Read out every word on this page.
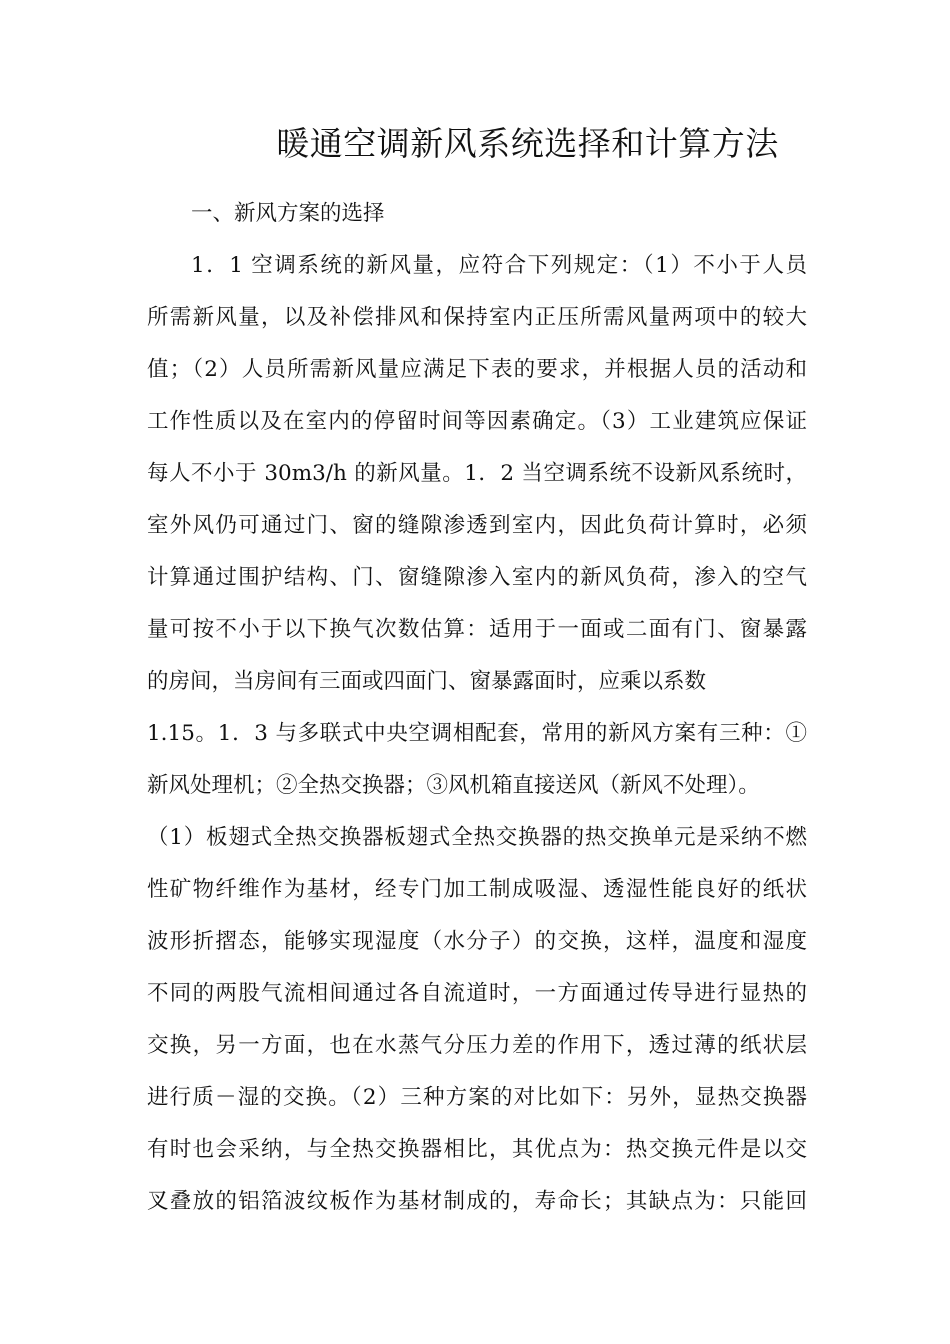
暖通空调新风系统选择和计算方法
一、新风方案的选择
1．1 空调系统的新风量，应符合下列规定：（1）不小于人员
所需新风量，以及补偿排风和保持室内正压所需风量两项中的较大
值；（2）人员所需新风量应满足下表的要求，并根据人员的活动和
工作性质以及在室内的停留时间等因素确定。（3）工业建筑应保证
每人不小于 30m3/h 的新风量。1．2 当空调系统不设新风系统时，
室外风仍可通过门、窗的缝隙渗透到室内，因此负荷计算时，必须
计算通过围护结构、门、窗缝隙渗入室内的新风负荷，渗入的空气
量可按不小于以下换气次数估算：适用于一面或二面有门、窗暴露
的房间，当房间有三面或四面门、窗暴露面时，应乘以系数
1.15。1．3 与多联式中央空调相配套，常用的新风方案有三种：①
新风处理机；②全热交换器；③风机箱直接送风（新风不处理）。
（1）板翅式全热交换器板翅式全热交换器的热交换单元是采纳不燃
性矿物纤维作为基材，经专门加工制成吸湿、透湿性能良好的纸状
波形折摺态，能够实现湿度（水分子）的交换，这样，温度和湿度
不同的两股气流相间通过各自流道时，一方面通过传导进行显热的
交换，另一方面，也在水蒸气分压力差的作用下，透过薄的纸状层
进行质－湿的交换。（2）三种方案的对比如下：另外，显热交换器
有时也会采纳，与全热交换器相比，其优点为：热交换元件是以交
叉叠放的铝箔波纹板作为基材制成的，寿命长；其缺点为：只能回
